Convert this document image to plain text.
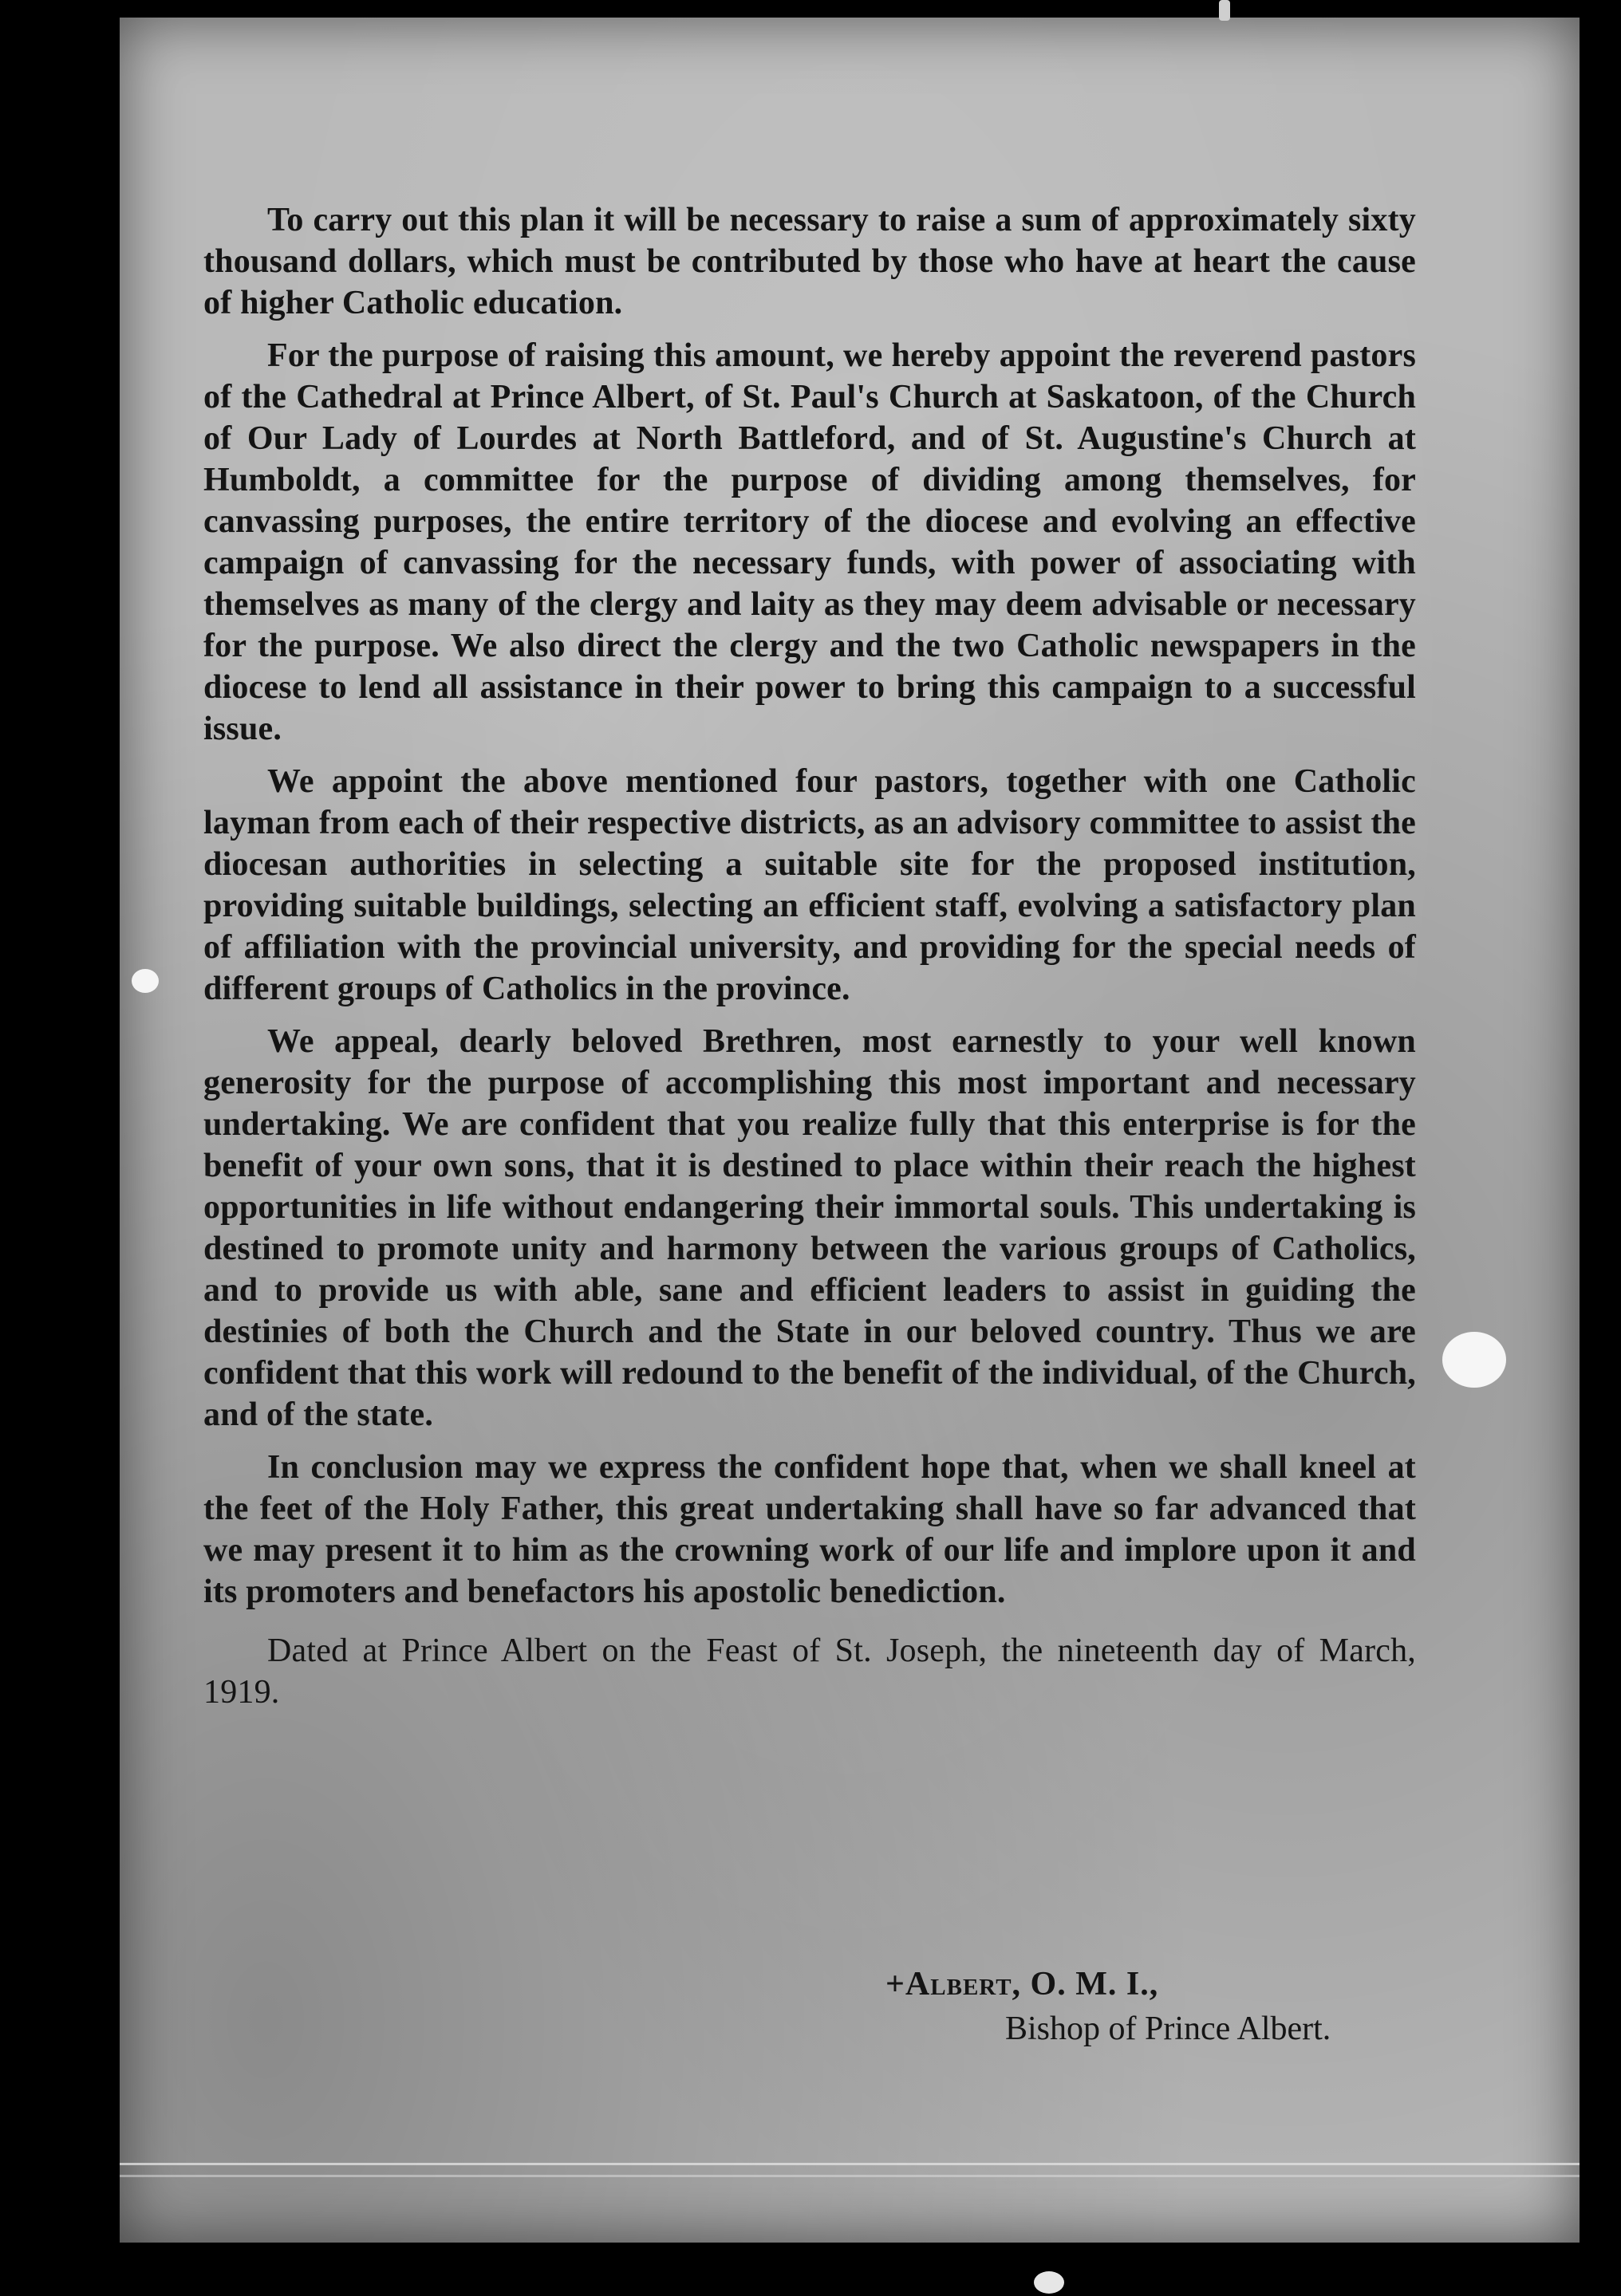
To carry out this plan it will be necessary to raise a sum of approximately sixty thousand dollars, which must be contributed by those who have at heart the cause of higher Catholic education.

For the purpose of raising this amount, we hereby appoint the reverend pastors of the Cathedral at Prince Albert, of St. Paul's Church at Saskatoon, of the Church of Our Lady of Lourdes at North Battleford, and of St. Augustine's Church at Humboldt, a committee for the purpose of dividing among themselves, for canvassing purposes, the entire territory of the diocese and evolving an effective campaign of canvassing for the necessary funds, with power of associating with themselves as many of the clergy and laity as they may deem advisable or necessary for the purpose. We also direct the clergy and the two Catholic newspapers in the diocese to lend all assistance in their power to bring this campaign to a successful issue.

We appoint the above mentioned four pastors, together with one Catholic layman from each of their respective districts, as an advisory committee to assist the diocesan authorities in selecting a suitable site for the proposed institution, providing suitable buildings, selecting an efficient staff, evolving a satisfactory plan of affiliation with the provincial university, and providing for the special needs of different groups of Catholics in the province.

We appeal, dearly beloved Brethren, most earnestly to your well known generosity for the purpose of accomplishing this most important and necessary undertaking. We are confident that you realize fully that this enterprise is for the benefit of your own sons, that it is destined to place within their reach the highest opportunities in life without endangering their immortal souls. This undertaking is destined to promote unity and harmony between the various groups of Catholics, and to provide us with able, sane and efficient leaders to assist in guiding the destinies of both the Church and the State in our beloved country. Thus we are confident that this work will redound to the benefit of the individual, of the Church, and of the state.

In conclusion may we express the confident hope that, when we shall kneel at the feet of the Holy Father, this great undertaking shall have so far advanced that we may present it to him as the crowning work of our life and implore upon it and its promoters and benefactors his apostolic benediction.

Dated at Prince Albert on the Feast of St. Joseph, the nineteenth day of March, 1919.

+Albert, O. M. I.,
Bishop of Prince Albert.
